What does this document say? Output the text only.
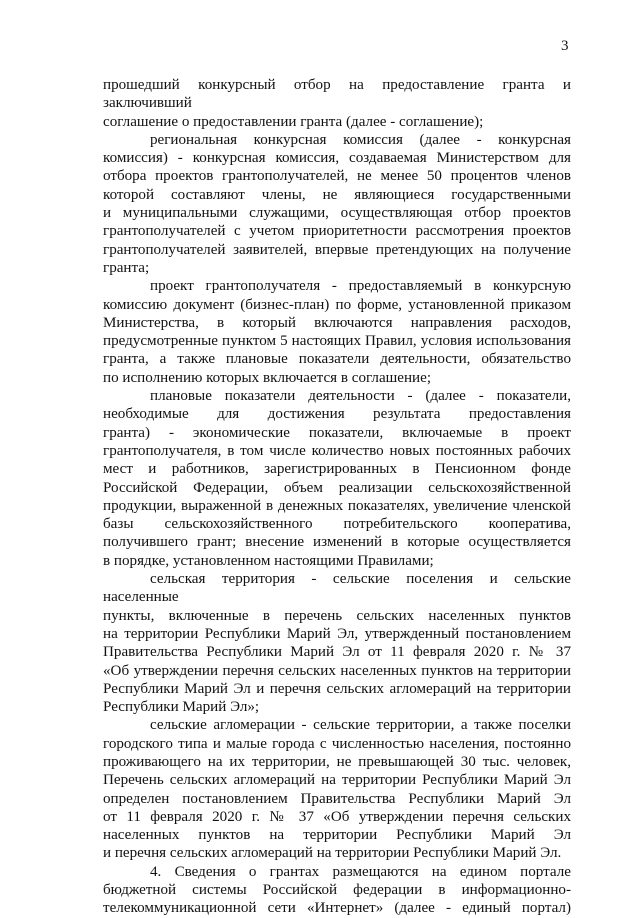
3

прошедший конкурсный отбор на предоставление гранта и заключивший

соглашение о предоставлении гранта (далее - соглашение);

региональная конкурсная комиссия (далее - конкурсная

комиссия) - конкурсная комиссия, создаваемая Министерством для

отбора проектов грантополучателей, не менее 50 процентов членов

которой составляют члены, не являющиеся государственными

и муниципальными служащими, осуществляющая отбор проектов

грантополучателей с учетом приоритетности рассмотрения проектов

грантополучателей заявителей, впервые претендующих на получение

гранта;

проект грантополучателя - предоставляемый в конкурсную

комиссию документ (бизнес-план) по форме, установленной приказом

Министерства, в который включаются направления расходов,

предусмотренные пунктом 5 настоящих Правил, условия использования

гранта, а также плановые показатели деятельности, обязательство

по исполнению которых включается в соглашение;

плановые показатели деятельности - (далее - показатели,

необходимые для достижения результата предоставления

гранта) - экономические показатели, включаемые в проект

грантополучателя, в том числе количество новых постоянных рабочих

мест и работников, зарегистрированных в Пенсионном фонде

Российской Федерации, объем реализации сельскохозяйственной

продукции, выраженной в денежных показателях, увеличение членской

базы сельскохозяйственного потребительского кооператива,

получившего грант; внесение изменений в которые осуществляется

в порядке, установленном настоящими Правилами;

сельская территория - сельские поселения и сельские населенные

пункты, включенные в перечень сельских населенных пунктов

на территории Республики Марий Эл, утвержденный постановлением

Правительства Республики Марий Эл от 11 февраля 2020 г. № 37

«Об утверждении перечня сельских населенных пунктов на территории

Республики Марий Эл и перечня сельских агломераций на территории

Республики Марий Эл»;

сельские агломерации - сельские территории, а также поселки

городского типа и малые города с численностью населения, постоянно

проживающего на их территории, не превышающей 30 тыс. человек,

Перечень сельских агломераций на территории Республики Марий Эл

определен постановлением Правительства Республики Марий Эл

от 11 февраля 2020 г. № 37 «Об утверждении перечня сельских

населенных пунктов на территории Республики Марий Эл

и перечня сельских агломераций на территории Республики Марий Эл.

4. Сведения о грантах размещаются на едином портале

бюджетной системы Российской федерации в информационно-

телекоммуникационной сети «Интернет» (далее - единый портал)
